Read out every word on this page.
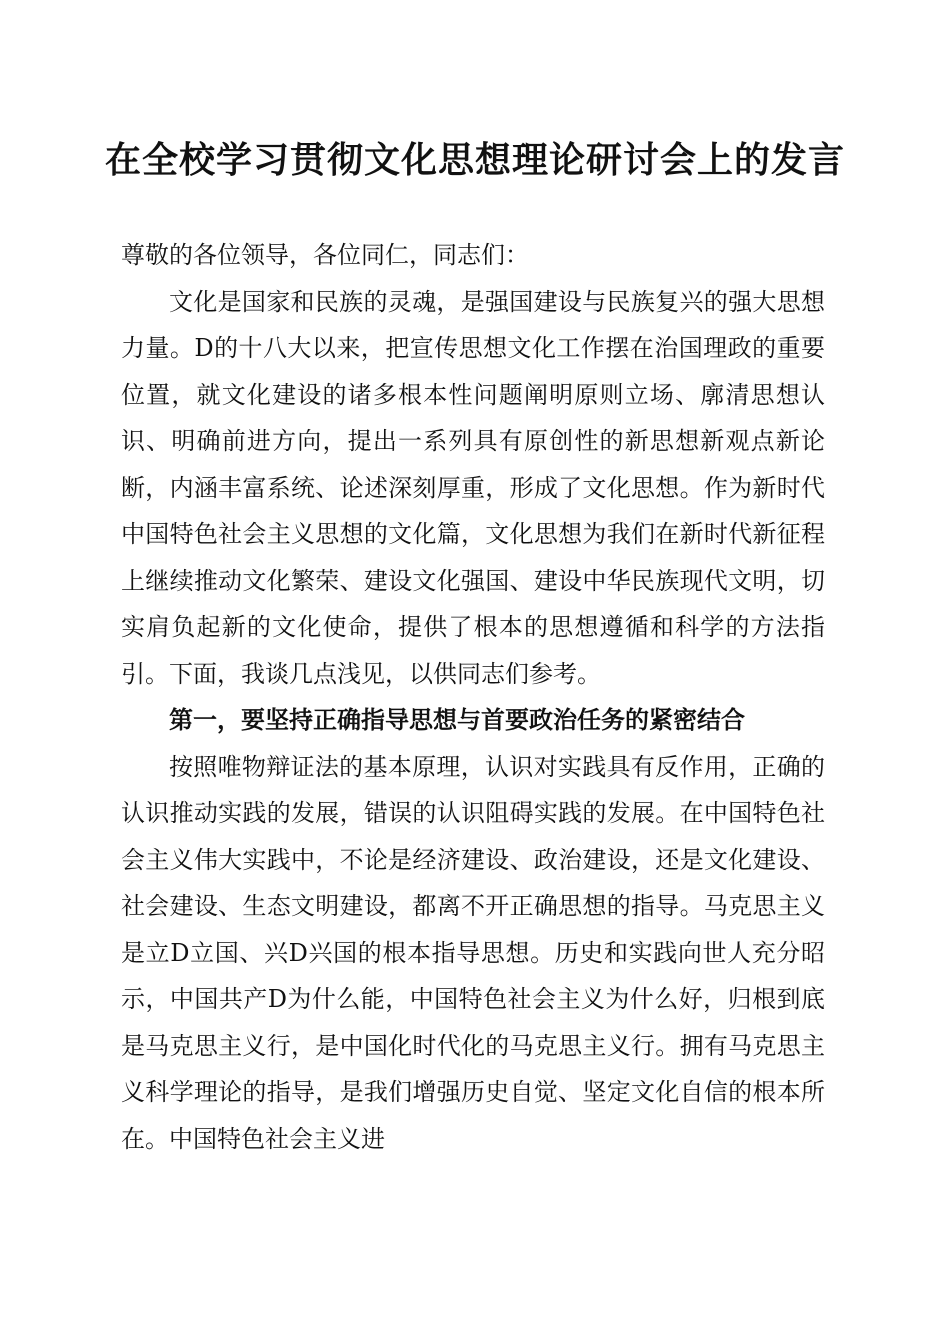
在全校学习贯彻文化思想理论研讨会上的发言

尊敬的各位领导，各位同仁，同志们：

文化是国家和民族的灵魂，是强国建设与民族复兴的强大思想力量。D的十八大以来，把宣传思想文化工作摆在治国理政的重要位置，就文化建设的诸多根本性问题阐明原则立场、廓清思想认识、明确前进方向，提出一系列具有原创性的新思想新观点新论断，内涵丰富系统、论述深刻厚重，形成了文化思想。作为新时代中国特色社会主义思想的文化篇，文化思想为我们在新时代新征程上继续推动文化繁荣、建设文化强国、建设中华民族现代文明，切实肩负起新的文化使命，提供了根本的思想遵循和科学的方法指引。下面，我谈几点浅见，以供同志们参考。

第一，要坚持正确指导思想与首要政治任务的紧密结合

按照唯物辩证法的基本原理，认识对实践具有反作用，正确的认识推动实践的发展，错误的认识阻碍实践的发展。在中国特色社会主义伟大实践中，不论是经济建设、政治建设，还是文化建设、社会建设、生态文明建设，都离不开正确思想的指导。马克思主义是立D立国、兴D兴国的根本指导思想。历史和实践向世人充分昭示，中国共产D为什么能，中国特色社会主义为什么好，归根到底是马克思主义行，是中国化时代化的马克思主义行。拥有马克思主义科学理论的指导，是我们增强历史自觉、坚定文化自信的根本所在。中国特色社会主义进
